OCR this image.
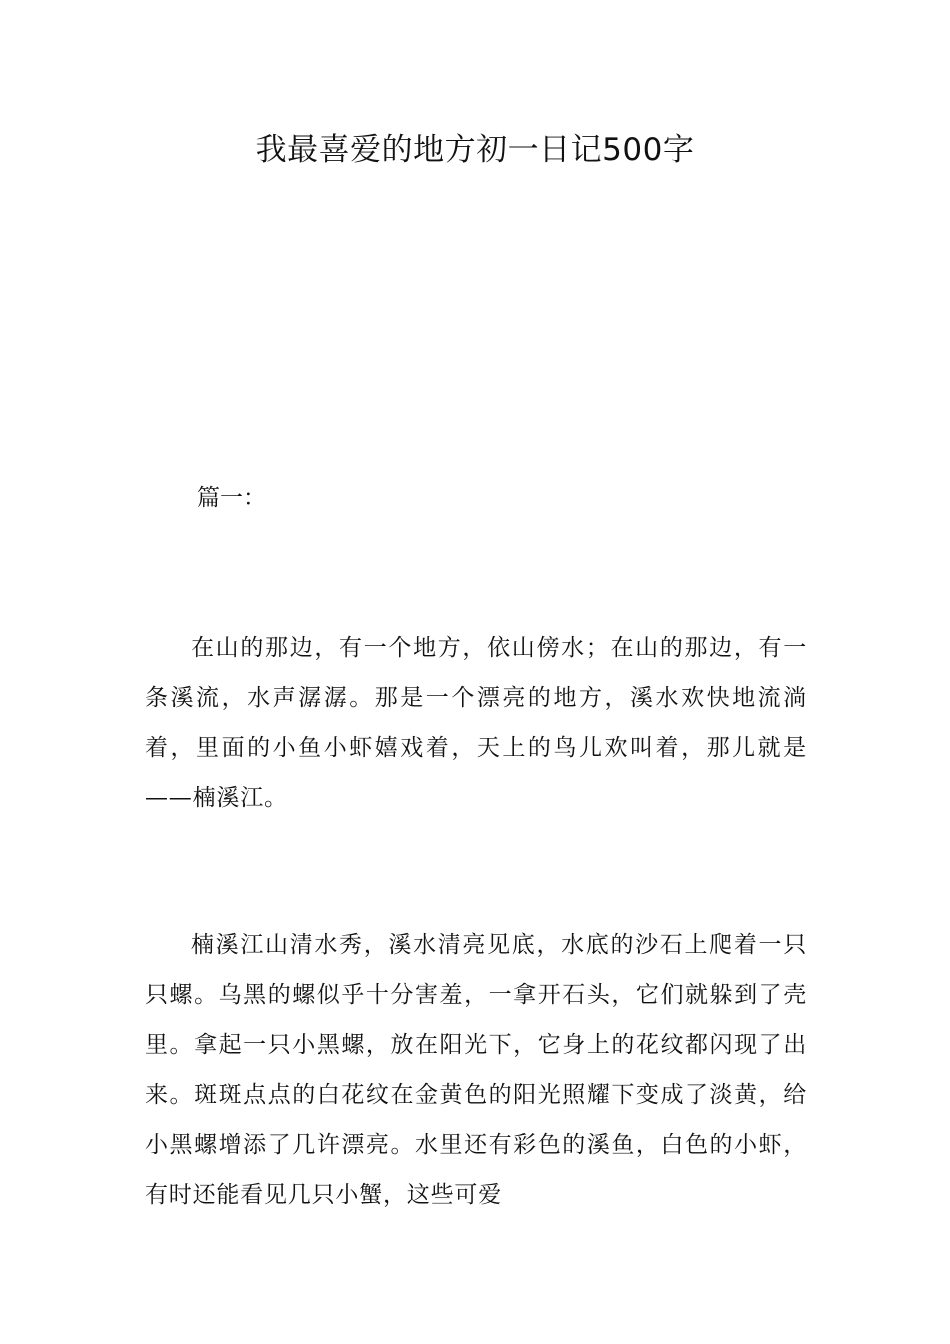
我最喜爱的地方初一日记500字

篇一：

在山的那边，有一个地方，依山傍水；在山的那边，有一条溪流，水声潺潺。那是一个漂亮的地方，溪水欢快地流淌着，里面的小鱼小虾嬉戏着，天上的鸟儿欢叫着，那儿就是——楠溪江。

楠溪江山清水秀，溪水清亮见底，水底的沙石上爬着一只只螺。乌黑的螺似乎十分害羞，一拿开石头，它们就躲到了壳里。拿起一只小黑螺，放在阳光下，它身上的花纹都闪现了出来。斑斑点点的白花纹在金黄色的阳光照耀下变成了淡黄，给小黑螺增添了几许漂亮。水里还有彩色的溪鱼，白色的小虾，有时还能看见几只小蟹，这些可爱
